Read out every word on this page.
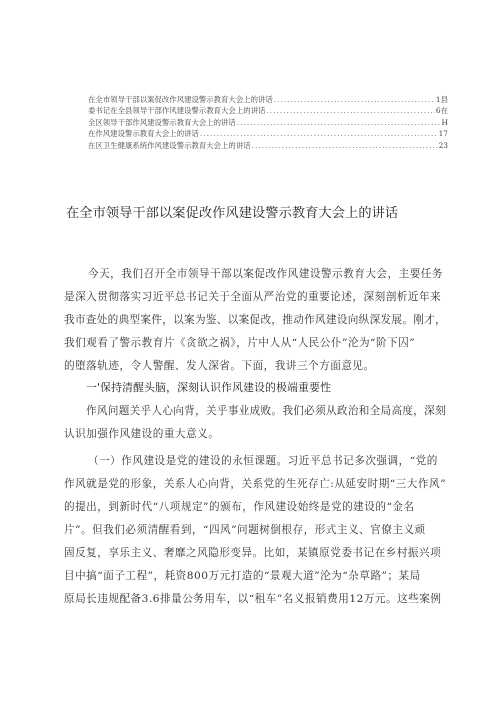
在全市领导干部以案促改作风建设警示教育大会上的讲话 .....	1县
委书记在全县领导干部作风建设警示教育大会上的讲话 .....	6在
全区领导干部作风建设警示教育大会上的讲话 .....	H
在作风建设警示教育大会上的讲话 .....	17
在区卫生健康系统作风建设警示教育大会上的讲话 .....	23
在全市领导干部以案促改作风建设警示教育大会上的讲话

今天，我们召开全市领导干部以案促改作风建设警示教育大会，主要任务

是深入贯彻落实习近平总书记关于全面从严治党的重要论述，深刻剖析近年来

我市查处的典型案件，以案为鉴、以案促改，推动作风建设向纵深发展。刚才，

我们观看了警示教育片《贪欲之祸》，片中人从“人民公仆”沦为“阶下囚”

的堕落轨迹，令人警醒、发人深省。下面，我讲三个方面意见。

一'保持清醒头脑，深刻认识作风建设的极端重要性

作风问题关乎人心向背，关乎事业成败。我们必须从政治和全局高度，深刻

认识加强作风建设的重大意义。

（一）作风建设是党的建设的永恒课题。习近平总书记多次强调，“党的

作风就是党的形象，关系人心向背，关系党的生死存亡:从延安时期“三大作风”

的提出，到新时代“八项规定”的颁布，作风建设始终是党的建设的“金名

片”。但我们必须清醒看到，“四风”问题树倒根存，形式主义、官僚主义顽

固反复，享乐主义、奢靡之风隐形变异。比如，某镇原党委书记在乡村振兴项

目中搞“面子工程”，耗资800万元打造的“景观大道”沦为“杂草路”；某局

原局长违规配备3.6排量公务用车，以“租车”名义报销费用12万元。这些案例
